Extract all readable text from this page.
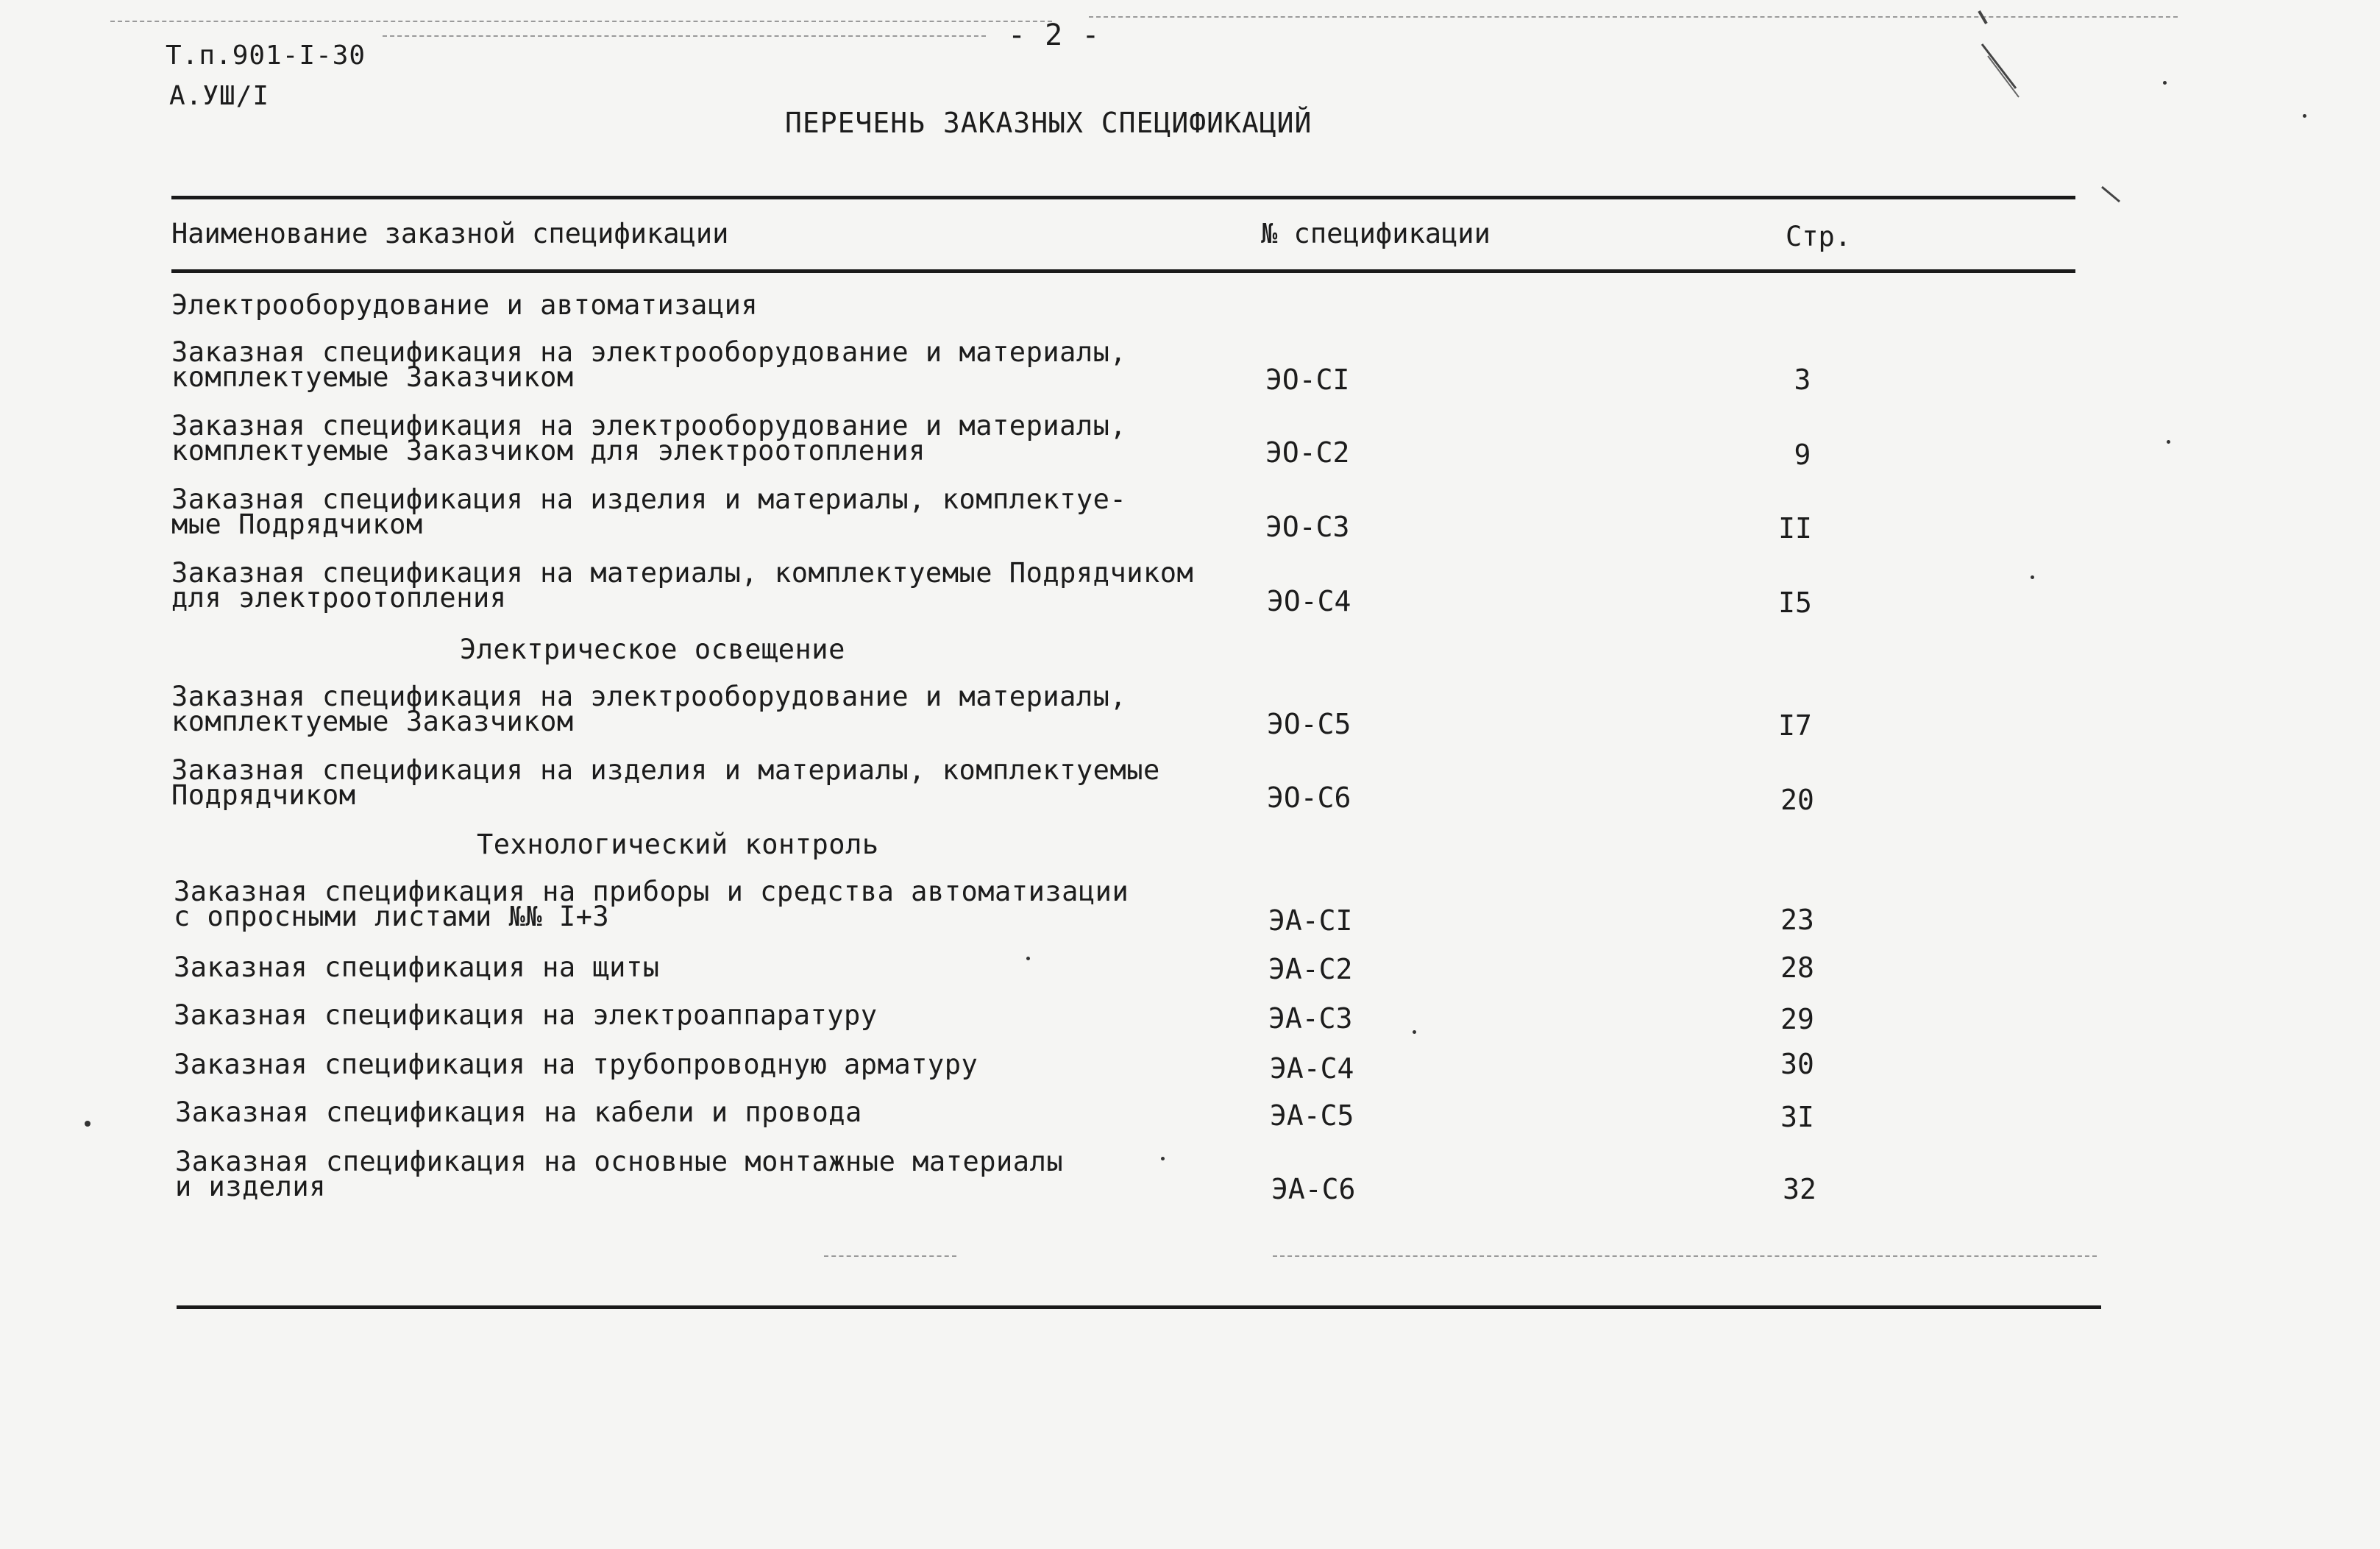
Т.п.901-I-30
А.УШ/I
- 2 -
ПЕРЕЧЕНЬ ЗАКАЗНЫХ СПЕЦИФИКАЦИЙ
Наименование заказной спецификации	№ спецификации	Стр.
Электрооборудование и автоматизация
Электрическое освещение
Технологический контроль
Заказная спецификация на электрооборудование и материалы,
комплектуемые Заказчиком	ЭО-СI	3
Заказная спецификация на электрооборудование и материалы,
комплектуемые Заказчиком для электроотопления	ЭО-С2	9
Заказная спецификация на изделия и материалы, комплектуе-
мые Подрядчиком	ЭО-С3	II
Заказная спецификация на материалы, комплектуемые Подрядчиком
для электроотопления	ЭО-С4	I5
Заказная спецификация на электрооборудование и материалы,
комплектуемые Заказчиком	ЭО-С5	I7
Заказная спецификация на изделия и материалы, комплектуемые
Подрядчиком	ЭО-С6	20
Заказная спецификация на приборы и средства автоматизации
с опросными листами №№ I+3	ЭА-СI	23
Заказная спецификация на щиты	ЭА-С2	28
Заказная спецификация на электроаппаратуру	ЭА-С3	29
Заказная спецификация на трубопроводную арматуру	ЭА-С4	30
Заказная спецификация на кабели и провода	ЭА-С5	3I
Заказная спецификация на основные монтажные материалы
и изделия	ЭА-С6	32
